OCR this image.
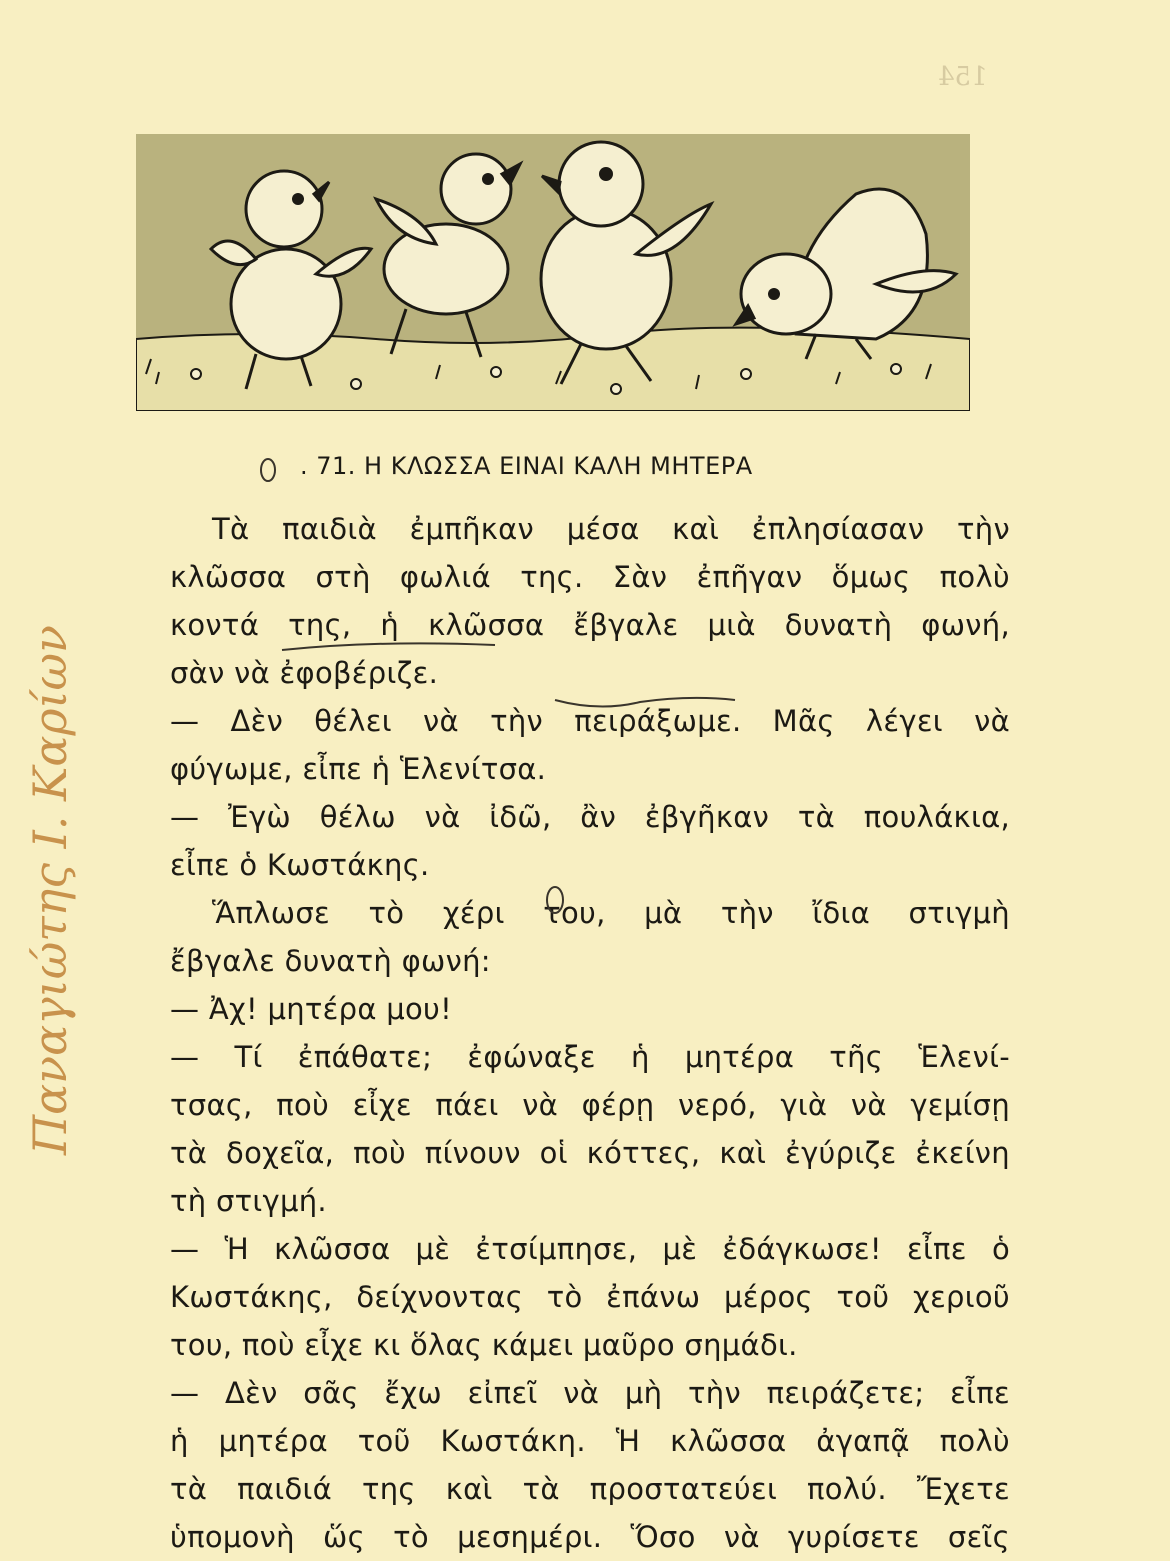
154
. 71. Η ΚΛΩΣΣΑ ΕΙΝΑΙ ΚΑΛΗ ΜΗΤΕΡΑ
Τὰ παιδιὰ ἐμπῆκαν μέσα καὶ ἐπλησίασαν τὴν
κλῶσσα στὴ φωλιά της. Σὰν ἐπῆγαν ὅμως πολὺ
κοντά της, ἡ κλῶσσα ἔβγαλε μιὰ δυνατὴ φωνή,
σὰν νὰ ἐφοβέριζε.
— Δὲν θέλει νὰ τὴν πειράξωμε. Μᾶς λέγει νὰ
φύγωμε, εἶπε ἡ Ἑλενίτσα.
— Ἐγὼ θέλω νὰ ἰδῶ, ἂν ἐβγῆκαν τὰ πουλάκια,
εἶπε ὁ Κωστάκης.
Ἅπλωσε τὸ χέρι του, μὰ τὴν ἴδια στιγμὴ
ἔβγαλε δυνατὴ φωνή:
— Ἀχ! μητέρα μου!
— Τί ἐπάθατε; ἐφώναξε ἡ μητέρα τῆς Ἑλενί-
τσας, ποὺ εἶχε πάει νὰ φέρῃ νερό, γιὰ νὰ γεμίσῃ
τὰ δοχεῖα, ποὺ πίνουν οἱ κόττες, καὶ ἐγύριζε ἐκείνη
τὴ στιγμή.
— Ἡ κλῶσσα μὲ ἐτσίμπησε, μὲ ἐδάγκωσε! εἶπε ὁ
Κωστάκης, δείχνοντας τὸ ἐπάνω μέρος τοῦ χεριοῦ
του, ποὺ εἶχε κι ὅλας κάμει μαῦρο σημάδι.
— Δὲν σᾶς ἔχω εἰπεῖ νὰ μὴ τὴν πειράζετε; εἶπε
ἡ μητέρα τοῦ Κωστάκη. Ἡ κλῶσσα ἀγαπᾷ πολὺ
τὰ παιδιά της καὶ τὰ προστατεύει πολύ. Ἔχετε
ὑπομονὴ ὥς τὸ μεσημέρι. Ὅσο νὰ γυρίσετε σεῖς
Παναγιώτης Ι. Καρίων
